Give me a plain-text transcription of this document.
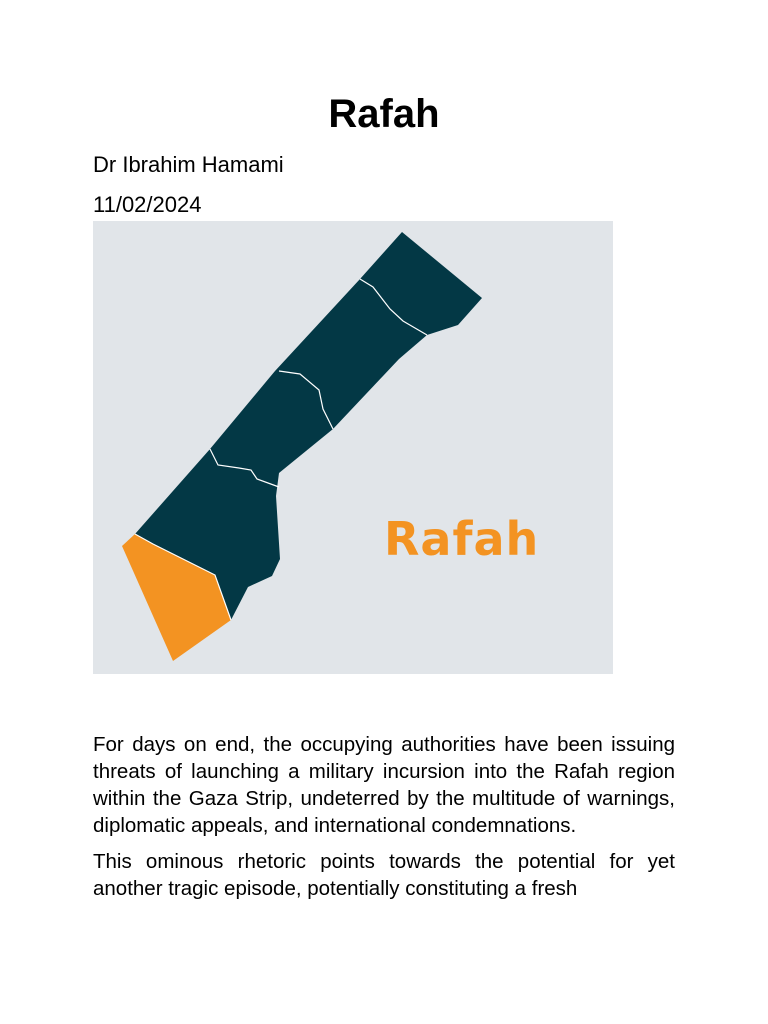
Rafah

Dr Ibrahim Hamami

11/02/2024

Rafah

For days on end, the occupying authorities have been issuing threats of launching a military incursion into the Rafah region within the Gaza Strip, undeterred by the multitude of warnings, diplomatic appeals, and international condemnations.

This ominous rhetoric points towards the potential for yet another tragic episode, potentially constituting a fresh
